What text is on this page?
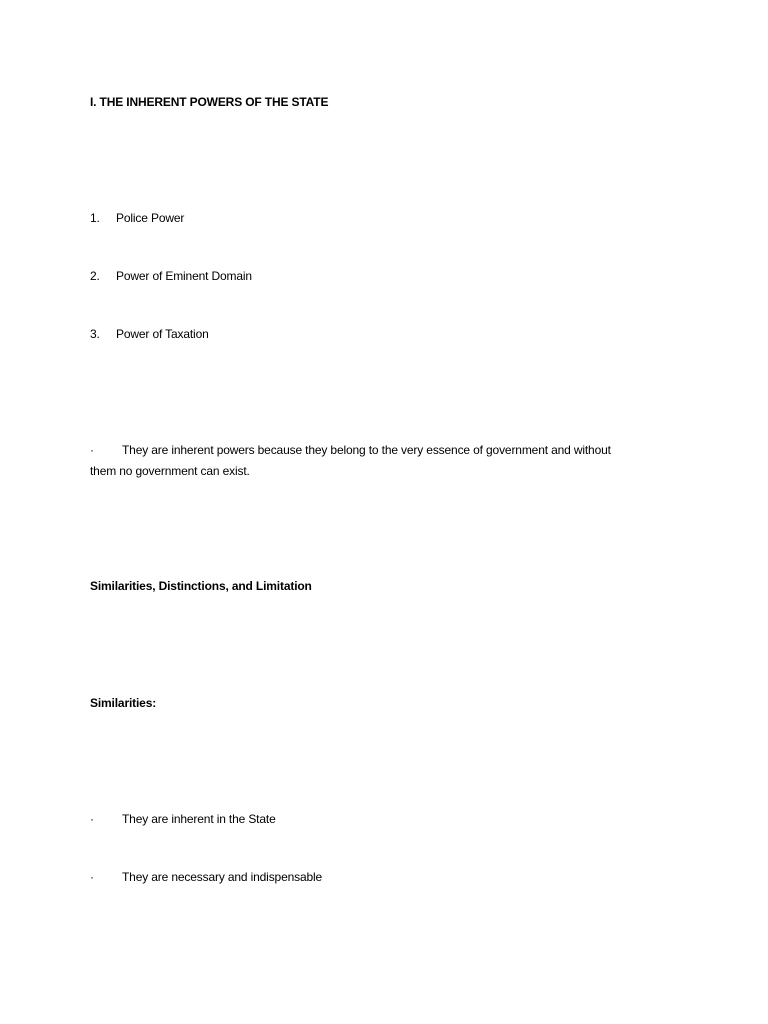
I. THE INHERENT POWERS OF THE STATE
1. Police Power
2. Power of Eminent Domain
3. Power of Taxation
· They are inherent powers because they belong to the very essence of government and without
them no government can exist.
Similarities, Distinctions, and Limitation
Similarities:
· They are inherent in the State
· They are necessary and indispensable
